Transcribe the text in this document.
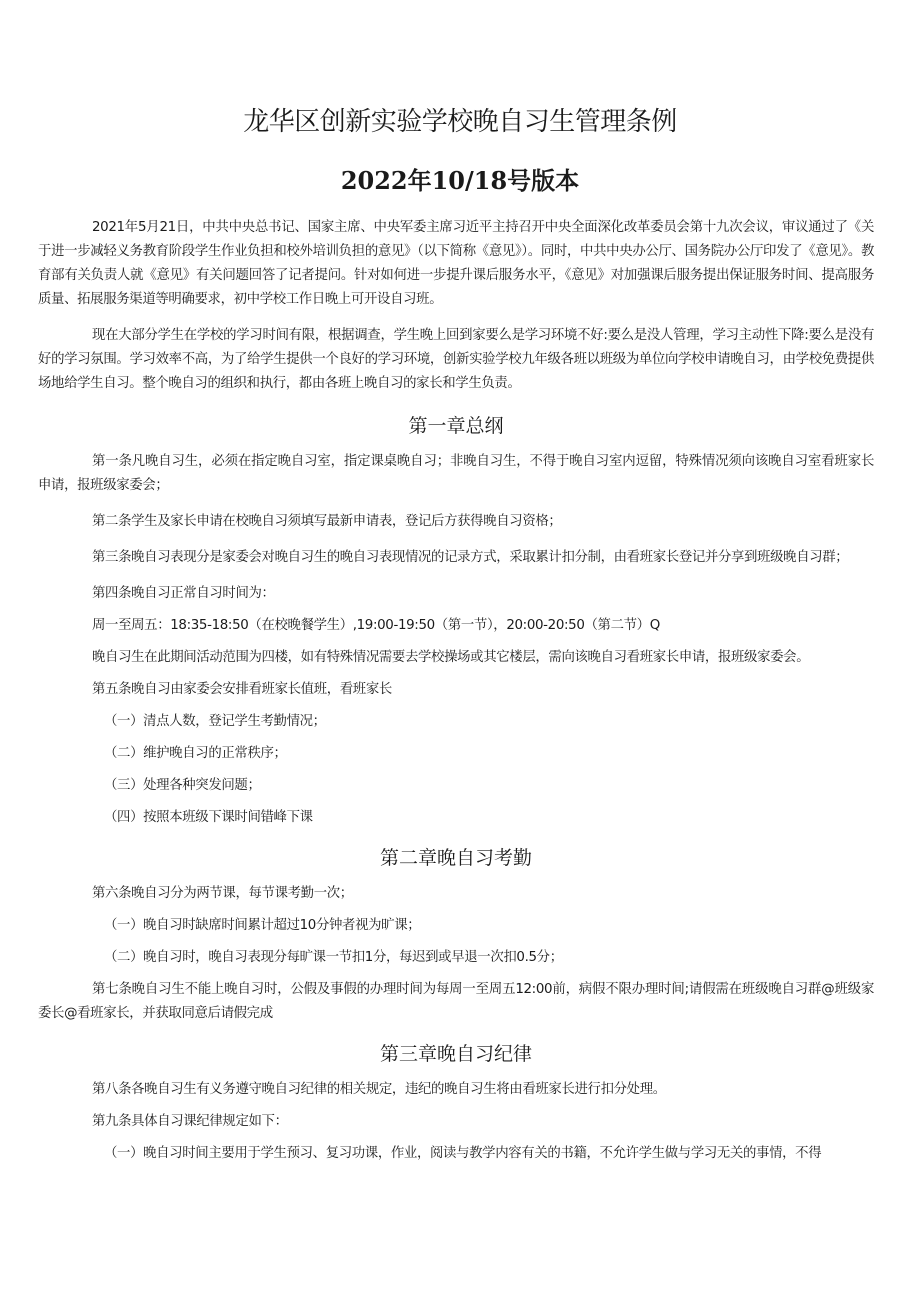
龙华区创新实验学校晚自习生管理条例
2022年10/18号版本

2021年5月21日，中共中央总书记、国家主席、中央军委主席习近平主持召开中央全面深化改革委员会第十九次会议，审议通过了《关于进一步减轻义务教育阶段学生作业负担和校外培训负担的意见》（以下简称《意见》）。同时，中共中央办公厅、国务院办公厅印发了《意见》。教育部有关负责人就《意见》有关问题回答了记者提问。针对如何进一步提升课后服务水平，《意见》对加强课后服务提出保证服务时间、提高服务质量、拓展服务渠道等明确要求，初中学校工作日晚上可开设自习班。

现在大部分学生在学校的学习时间有限，根据调查，学生晚上回到家要么是学习环境不好:要么是没人管理，学习主动性下降:要么是没有好的学习氛围。学习效率不高，为了给学生提供一个良好的学习环境，创新实验学校九年级各班以班级为单位向学校申请晚自习，由学校免费提供场地给学生自习。整个晚自习的组织和执行，都由各班上晚自习的家长和学生负责。

第一章总纲

第一条凡晚自习生，必须在指定晚自习室，指定课桌晚自习；非晚自习生，不得于晚自习室内逗留，特殊情况须向该晚自习室看班家长申请，报班级家委会；

第二条学生及家长申请在校晚自习须填写最新申请表，登记后方获得晚自习资格；

第三条晚自习表现分是家委会对晚自习生的晚自习表现情况的记录方式，采取累计扣分制，由看班家长登记并分享到班级晚自习群；

第四条晚自习正常自习时间为：

周一至周五：18:35-18:50（在校晚餐学生）,19:00-19:50（第一节），20:00-20:50（第二节）Q

晚自习生在此期间活动范围为四楼，如有特殊情况需要去学校操场或其它楼层，需向该晚自习看班家长申请，报班级家委会。

第五条晚自习由家委会安排看班家长值班，看班家长

（一）清点人数，登记学生考勤情况；

（二）维护晚自习的正常秩序；

（三）处理各种突发问题；

（四）按照本班级下课时间错峰下课

第二章晚自习考勤

第六条晚自习分为两节课，每节课考勤一次；

（一）晚自习时缺席时间累计超过10分钟者视为旷课；

（二）晚自习时，晚自习表现分每旷课一节扣1分，每迟到或早退一次扣0.5分；

第七条晚自习生不能上晚自习时，公假及事假的办理时间为每周一至周五12:00前，病假不限办理时间;请假需在班级晚自习群@班级家委长@看班家长，并获取同意后请假完成

第三章晚自习纪律

第八条各晚自习生有义务遵守晚自习纪律的相关规定，违纪的晚自习生将由看班家长进行扣分处理。

第九条具体自习课纪律规定如下：

（一）晚自习时间主要用于学生预习、复习功课，作业，阅读与教学内容有关的书籍，不允许学生做与学习无关的事情，不得
